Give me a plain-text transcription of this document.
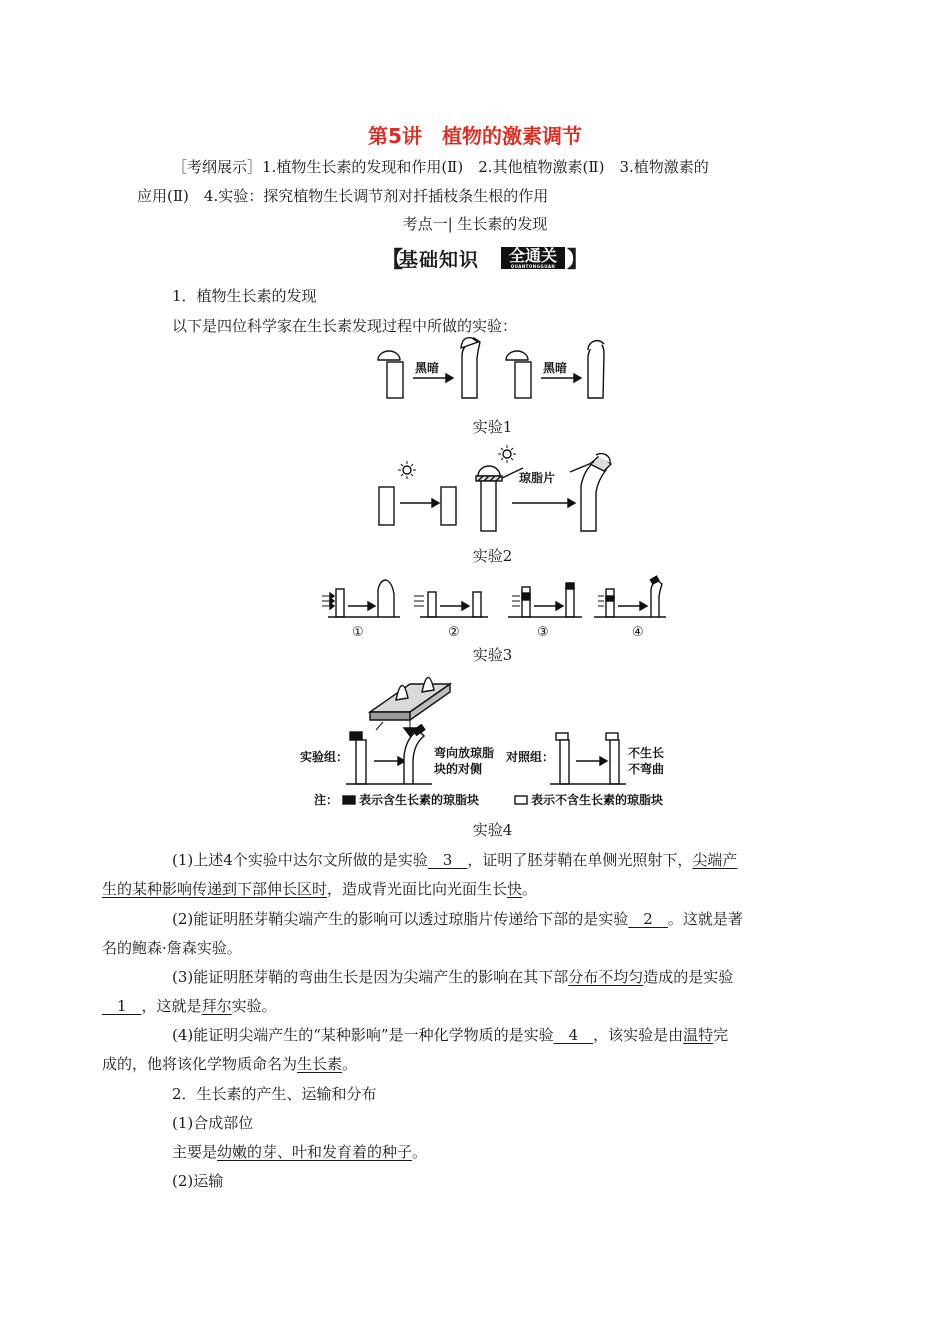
第5讲　植物的激素调节

［考纲展示］1.植物生长素的发现和作用(Ⅱ)　2.其他植物激素(Ⅱ)　3.植物激素的

应用(Ⅱ)　4.实验：探究植物生长调节剂对扦插枝条生根的作用

考点一| 生长素的发现

【
基础知识	全通关
QUANTONGGUAN 】

1．植物生长素的发现

以下是四位科学家在生长素发现过程中所做的实验：

黑暗	黑暗
琼脂片
①	②	③	④
实验组：	弯向放琼脂
块的对侧
对照组：	不生长
不弯曲
注： 表示含生长素的琼脂块	表示不含生长素的琼脂块

实验1

实验2

实验3

实验4

(1)上述4个实验中达尔文所做的是实验　3　，证明了胚芽鞘在单侧光照射下，尖端产
生的某种影响传递到下部伸长区时，造成背光面比向光面生长快。

(2)能证明胚芽鞘尖端产生的影响可以透过琼脂片传递给下部的是实验　2　。这就是著
名的鲍森·詹森实验。

(3)能证明胚芽鞘的弯曲生长是因为尖端产生的影响在其下部分布不均匀造成的是实验
　1　，这就是拜尔实验。

(4)能证明尖端产生的“某种影响”是一种化学物质的是实验　4　，该实验是由温特完
成的，他将该化学物质命名为生长素。

2．生长素的产生、运输和分布

(1)合成部位

主要是幼嫩的芽、叶和发育着的种子。

(2)运输
